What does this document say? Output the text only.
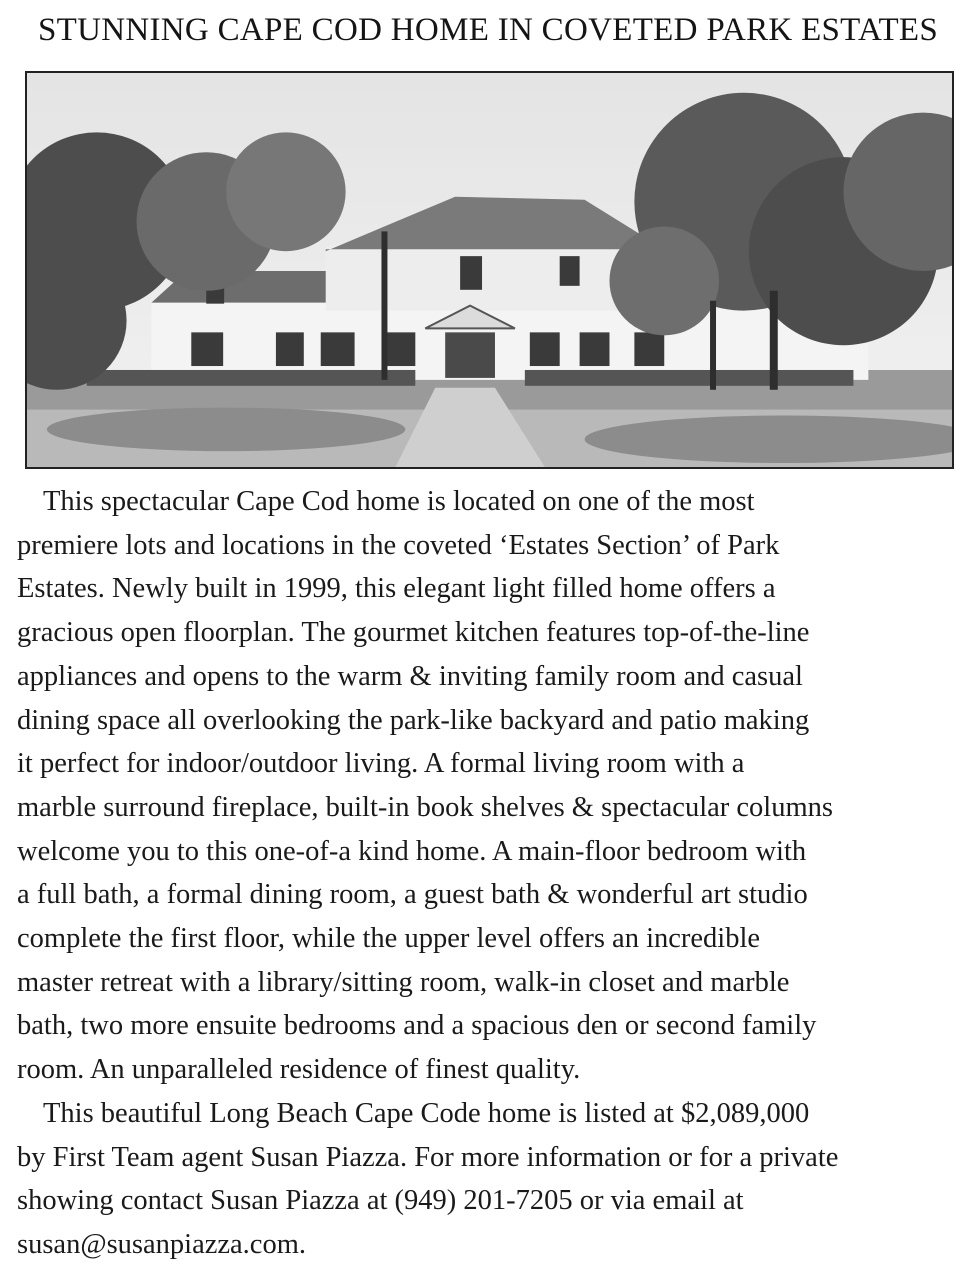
STUNNING CAPE COD HOME IN COVETED PARK ESTATES

This spectacular Cape Cod home is located on one of the most
premiere lots and locations in the coveted ‘Estates Section’ of Park
Estates. Newly built in 1999, this elegant light filled home offers a
gracious open floorplan. The gourmet kitchen features top-of-the-line
appliances and opens to the warm & inviting family room and casual
dining space all overlooking the park-like backyard and patio making
it perfect for indoor/outdoor living. A formal living room with a
marble surround fireplace, built-in book shelves & spectacular columns
welcome you to this one-of-a kind home. A main-floor bedroom with
a full bath, a formal dining room, a guest bath & wonderful art studio
complete the first floor, while the upper level offers an incredible
master retreat with a library/sitting room, walk-in closet and marble
bath, two more ensuite bedrooms and a spacious den or second family
room. An unparalleled residence of finest quality.

This beautiful Long Beach Cape Code home is listed at $2,089,000
by First Team agent Susan Piazza. For more information or for a private
showing contact Susan Piazza at (949) 201-7205 or via email at
susan@susanpiazza.com.
